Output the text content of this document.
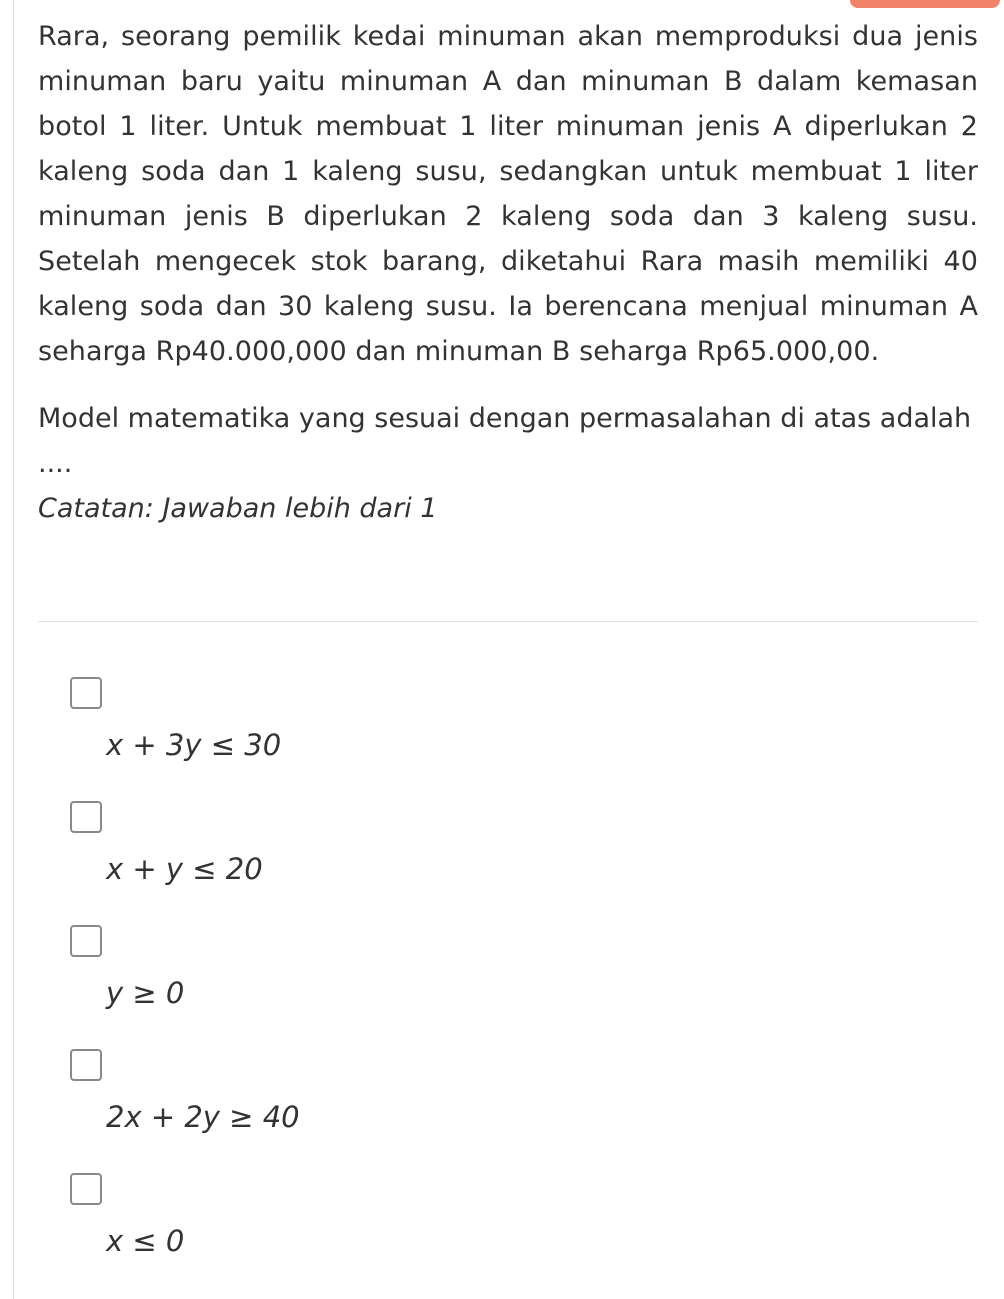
Rara, seorang pemilik kedai minuman akan memproduksi dua jenis minuman baru yaitu minuman A dan minuman B dalam kemasan botol 1 liter. Untuk membuat 1 liter minuman jenis A diperlukan 2 kaleng soda dan 1 kaleng susu, sedangkan untuk membuat 1 liter minuman jenis B diperlukan 2 kaleng soda dan 3 kaleng susu. Setelah mengecek stok barang, diketahui Rara masih memiliki 40 kaleng soda dan 30 kaleng susu. Ia berencana menjual minuman A seharga Rp40.000,000 dan minuman B seharga Rp65.000,00.

Model matematika yang sesuai dengan permasalahan di atas adalah ....

Catatan: Jawaban lebih dari 1

x + 3y ≤ 30
x + y ≤ 20
y ≥ 0
2x + 2y ≥ 40
x ≤ 0
